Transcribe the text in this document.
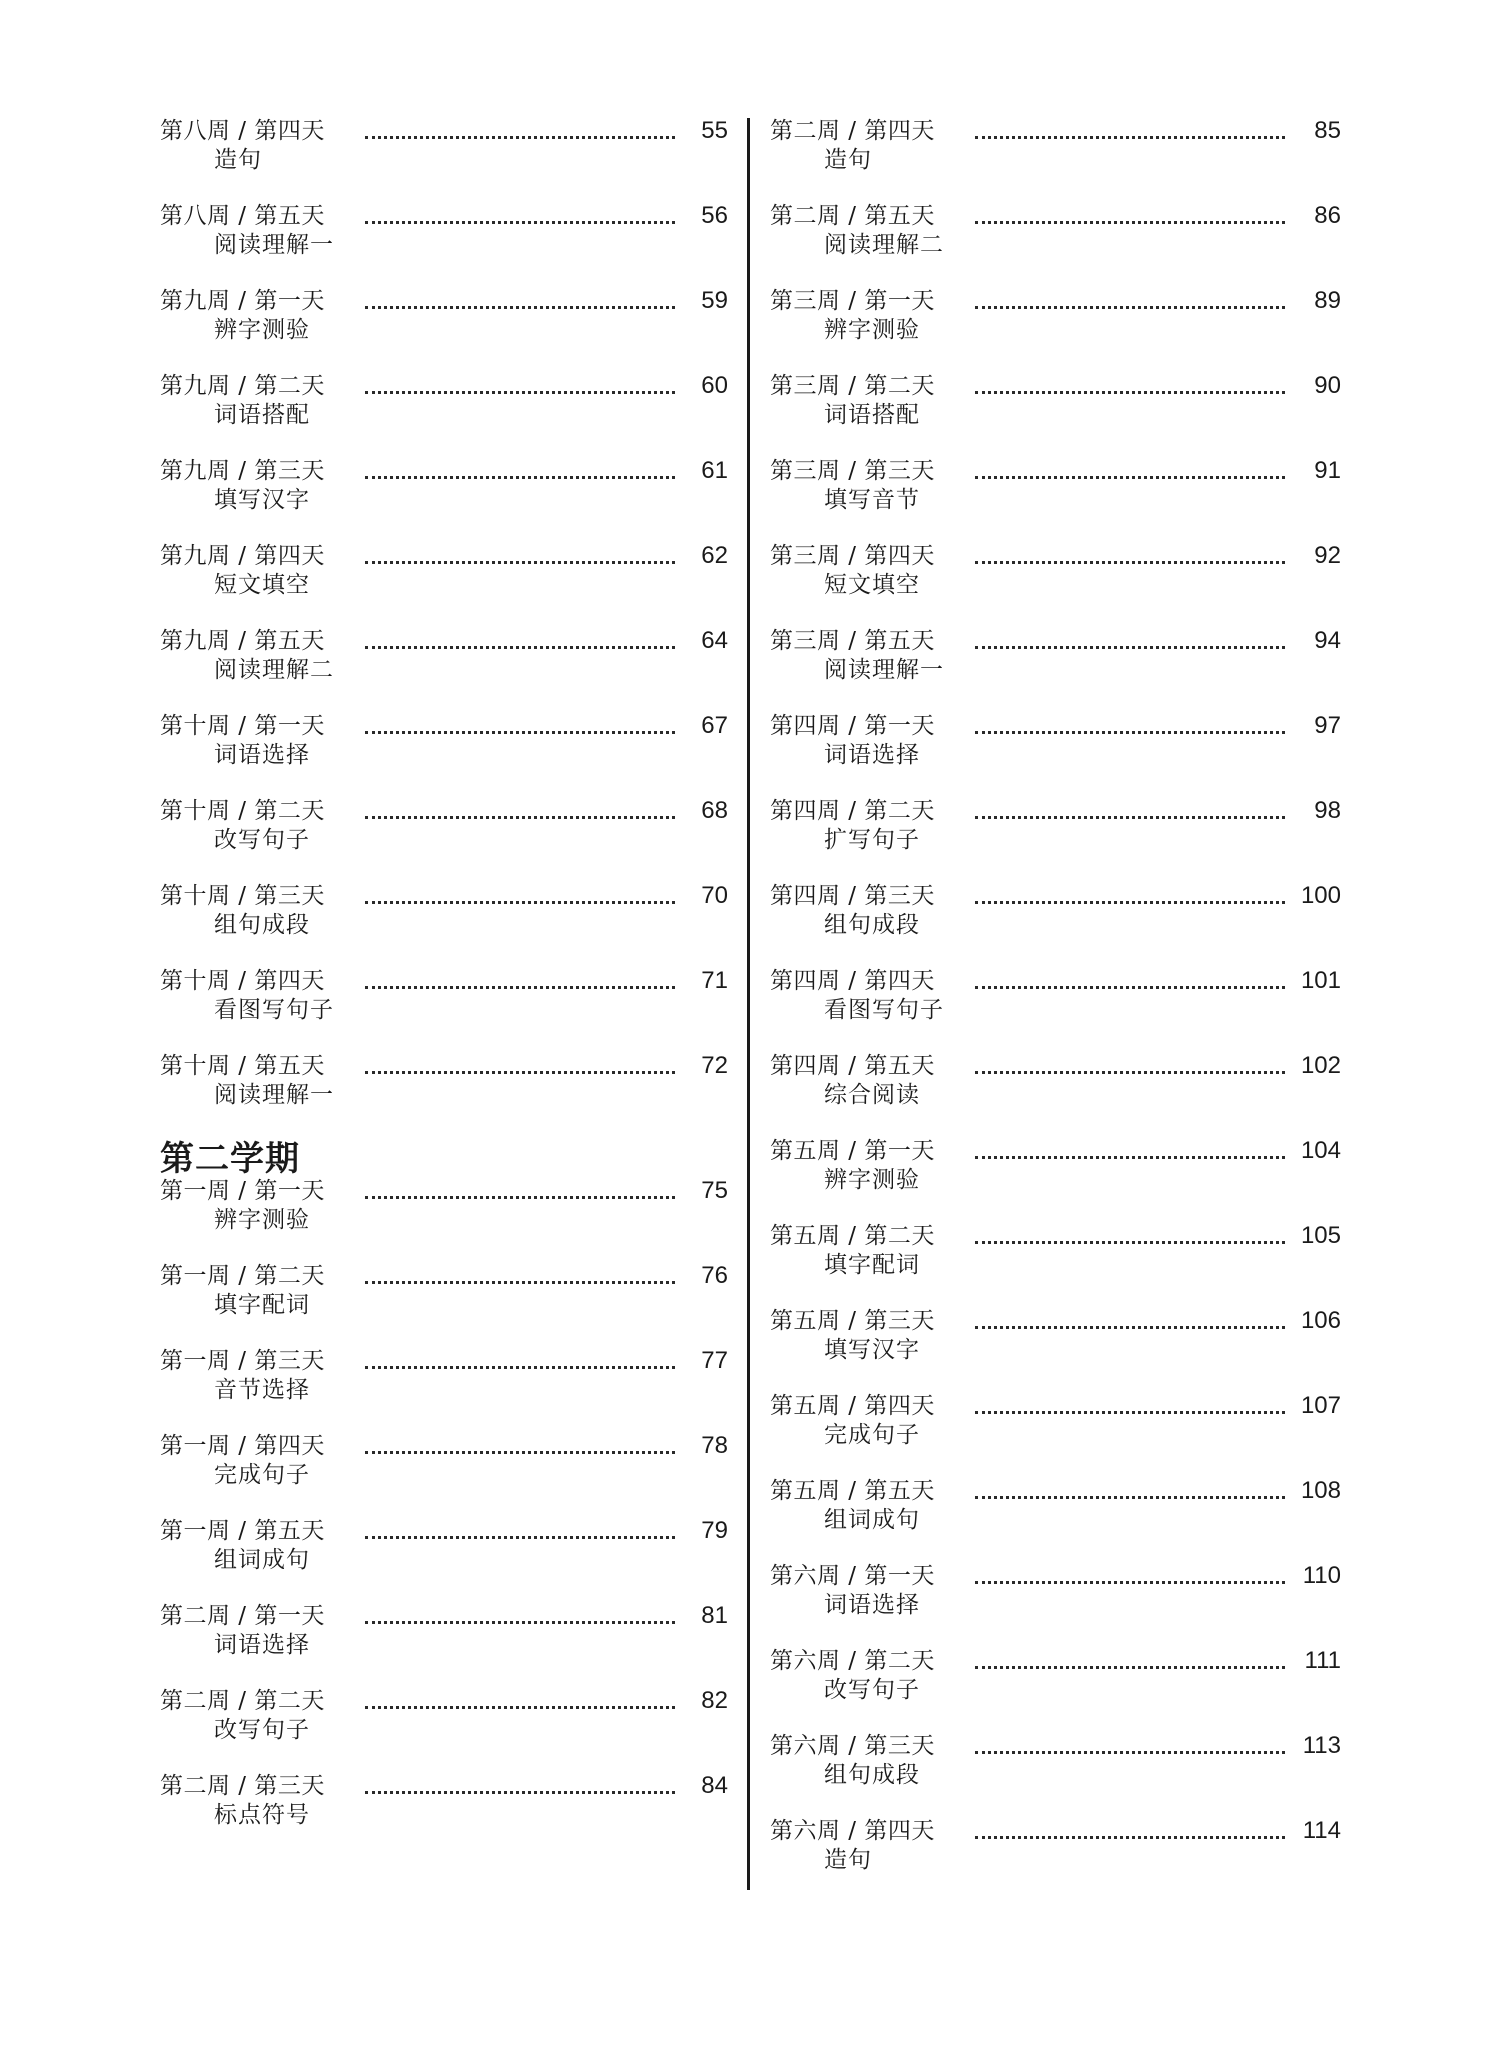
第八周 / 第四天
造句
55
第八周 / 第五天
阅读理解一
56
第九周 / 第一天
辨字测验
59
第九周 / 第二天
词语搭配
60
第九周 / 第三天
填写汉字
61
第九周 / 第四天
短文填空
62
第九周 / 第五天
阅读理解二
64
第十周 / 第一天
词语选择
67
第十周 / 第二天
改写句子
68
第十周 / 第三天
组句成段
70
第十周 / 第四天
看图写句子
71
第十周 / 第五天
阅读理解一
72
第二学期
第一周 / 第一天
辨字测验
75
第一周 / 第二天
填字配词
76
第一周 / 第三天
音节选择
77
第一周 / 第四天
完成句子
78
第一周 / 第五天
组词成句
79
第二周 / 第一天
词语选择
81
第二周 / 第二天
改写句子
82
第二周 / 第三天
标点符号
84
第二周 / 第四天
造句
85
第二周 / 第五天
阅读理解二
86
第三周 / 第一天
辨字测验
89
第三周 / 第二天
词语搭配
90
第三周 / 第三天
填写音节
91
第三周 / 第四天
短文填空
92
第三周 / 第五天
阅读理解一
94
第四周 / 第一天
词语选择
97
第四周 / 第二天
扩写句子
98
第四周 / 第三天
组句成段
100
第四周 / 第四天
看图写句子
101
第四周 / 第五天
综合阅读
102
第五周 / 第一天
辨字测验
104
第五周 / 第二天
填字配词
105
第五周 / 第三天
填写汉字
106
第五周 / 第四天
完成句子
107
第五周 / 第五天
组词成句
108
第六周 / 第一天
词语选择
110
第六周 / 第二天
改写句子
111
第六周 / 第三天
组句成段
113
第六周 / 第四天
造句
114
